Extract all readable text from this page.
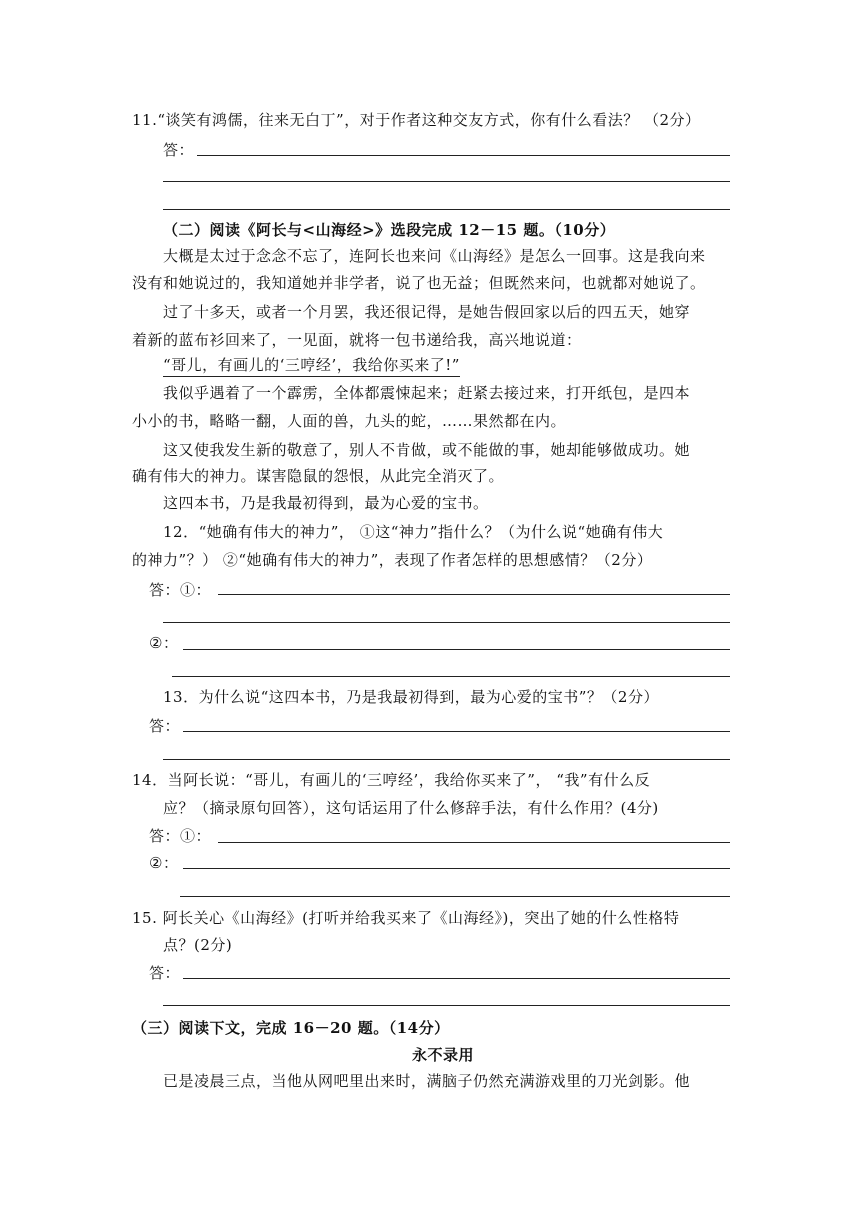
11.“谈笑有鸿儒，往来无白丁”，对于作者这种交友方式，你有什么看法？ （2分）
答：
（二）阅读《阿长与<山海经>》选段完成 12－15 题。（10分）
大概是太过于念念不忘了，连阿长也来问《山海经》是怎么一回事。这是我向来
没有和她说过的，我知道她并非学者，说了也无益；但既然来问，也就都对她说了。
过了十多天，或者一个月罢，我还很记得，是她告假回家以后的四五天，她穿
着新的蓝布衫回来了，一见面，就将一包书递给我，高兴地说道：
“哥儿，有画儿的‘三哼经’，我给你买来了!”
我似乎遇着了一个霹雳，全体都震悚起来；赶紧去接过来，打开纸包，是四本
小小的书，略略一翻，人面的兽，九头的蛇，……果然都在内。
这又使我发生新的敬意了，别人不肯做，或不能做的事，她却能够做成功。她
确有伟大的神力。谋害隐鼠的怨恨，从此完全消灭了。
这四本书，乃是我最初得到，最为心爱的宝书。
12．“她确有伟大的神力”， ①这“神力”指什么？（为什么说“她确有伟大
的神力”？） ②“她确有伟大的神力”，表现了作者怎样的思想感情？（2分）
答：①：
②：
13．为什么说“这四本书，乃是我最初得到，最为心爱的宝书”？（2分）
答：
14．当阿长说：“哥儿，有画儿的‘三哼经’，我给你买来了”， “我”有什么反
应？（摘录原句回答），这句话运用了什么修辞手法，有什么作用？(4分)
答：①：
②：
15. 阿长关心《山海经》(打听并给我买来了《山海经》)，突出了她的什么性格特
点？(2分)
答：
（三）阅读下文，完成 16－20 题。（14分）
永不录用
已是凌晨三点，当他从网吧里出来时，满脑子仍然充满游戏里的刀光剑影。他
